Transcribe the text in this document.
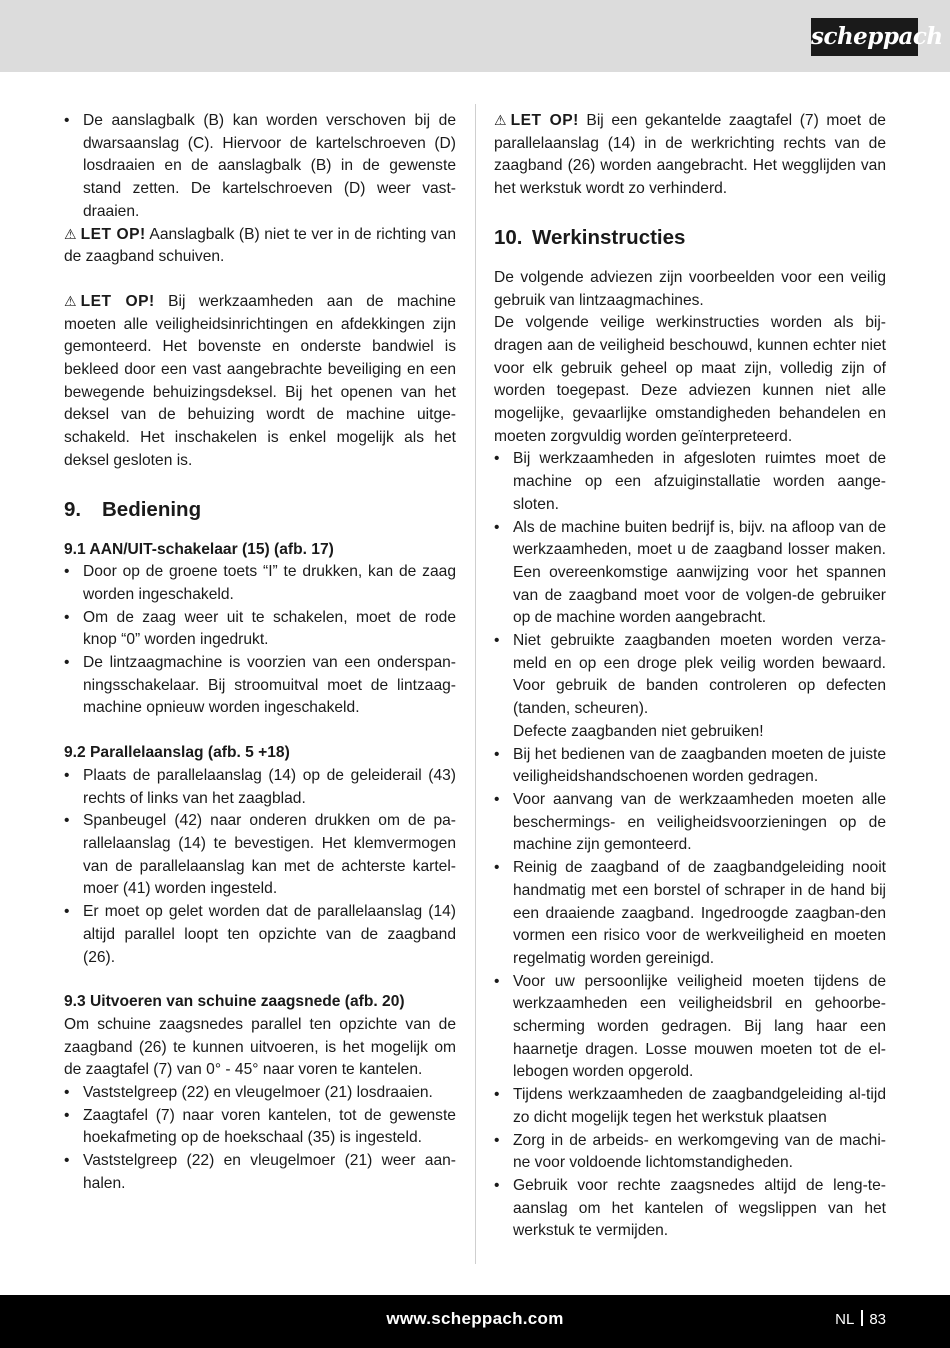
scheppach
• De aanslagbalk (B) kan worden verschoven bij de dwarsaanslag (C). Hiervoor de kartelschroeven (D) losdraaien en de aanslagbalk (B) in de gewenste stand zetten. De kartelschroeven (D) weer vast-draaien.

⚠ LET OP! Aanslagbalk (B) niet te ver in de richting van de zaagband schuiven.

⚠ LET OP! Bij werkzaamheden aan de machine moeten alle veiligheidsinrichtingen en afdekkingen zijn gemonteerd. Het bovenste en onderste bandwiel is bekleed door een vast aangebrachte beveiliging en een bewegende behuizingsdeksel. Bij het openen van het deksel van de behuizing wordt de machine uitge-schakeld. Het inschakelen is enkel mogelijk als het deksel gesloten is.

9. Bediening
9.1 AAN/UIT-schakelaar (15) (afb. 17)
• Door op de groene toets “I” te drukken, kan de zaag worden ingeschakeld.
• Om de zaag weer uit te schakelen, moet de rode knop “0” worden ingedrukt.
• De lintzaagmachine is voorzien van een onderspan-ningsschakelaar. Bij stroomuitval moet de lintzaag-machine opnieuw worden ingeschakeld.
9.2 Parallelaanslag (afb. 5 +18)
• Plaats de parallelaanslag (14) op de geleiderail (43) rechts of links van het zaagblad.
• Spanbeugel (42) naar onderen drukken om de pa-rallelaanslag (14) te bevestigen. Het klemvermogen van de parallelaanslag kan met de achterste kartel-moer (41) worden ingesteld.
• Er moet op gelet worden dat de parallelaanslag (14) altijd parallel loopt ten opzichte van de zaagband (26).
9.3 Uitvoeren van schuine zaagsnede (afb. 20)

Om schuine zaagsnedes parallel ten opzichte van de zaagband (26) te kunnen uitvoeren, is het mogelijk om de zaagtafel (7) van 0° - 45° naar voren te kantelen.

• Vaststelgreep (22) en vleugelmoer (21) losdraaien.
• Zaagtafel (7) naar voren kantelen, tot de gewenste hoekafmeting op de hoekschaal (35) is ingesteld.
• Vaststelgreep (22) en vleugelmoer (21) weer aan-halen.

⚠ LET OP! Bij een gekantelde zaagtafel (7) moet de parallelaanslag (14) in de werkrichting rechts van de zaagband (26) worden aangebracht. Het weggl﻿ijden van het werkstuk wordt zo verhinderd.

10. Werkinstructies

De volgende adviezen zijn voorbeelden voor een veilig gebruik van lintzaagmachines.

De volgende veilige werkinstructies worden als bij-dragen aan de veiligheid beschouwd, kunnen echter niet voor elk gebruik geheel op maat zijn, volledig zijn of worden toegepast. Deze adviezen kunnen niet alle mogelijke, gevaarlijke omstandigheden behandelen en moeten zorgvuldig worden geïnterpreteerd.

• Bij werkzaamheden in afgesloten ruimtes moet de machine op een afzuiginstallatie worden aange-sloten.
• Als de machine buiten bedrijf is, bijv. na afloop van de werkzaamheden, moet u de zaagband losser maken. Een overeenkomstige aanwijzing voor het spannen van de zaagband moet voor de volgen-de gebruiker op de machine worden aangebracht.
• Niet gebruikte zaagbanden moeten worden verza-meld en op een droge plek veilig worden bewaard. Voor gebruik de banden controleren op defecten (tanden, scheuren).
Defecte zaagbanden niet gebruiken!
• Bij het bedienen van de zaagbanden moeten de juiste veiligheidshandschoenen worden gedragen.
• Voor aanvang van de werkzaamheden moeten alle beschermings- en veiligheidsvoorzieningen op de machine zijn gemonteerd.
• Reinig de zaagband of de zaagbandgeleiding nooit handmatig met een borstel of schraper in de hand bij een draaiende zaagband. Ingedroogde zaagban-den vormen een risico voor de werkveiligheid en moeten regelmatig worden gereinigd.
• Voor uw persoonlijke veiligheid moeten tijdens de werkzaamheden een veiligheidsbril en gehoorbe-scherming worden gedragen. Bij lang haar een haarnetje dragen. Losse mouwen moeten tot de el-lebogen worden opgerold.
• Tijdens werkzaamheden de zaagbandgeleiding al-tijd zo dicht mogelijk tegen het werkstuk plaatsen
• Zorg in de arbeids- en werkomgeving van de machi-ne voor voldoende lichtomstandigheden.
• Gebruik voor rechte zaagsnedes altijd de leng-te-aanslag om het kantelen of wegslippen van het werkstuk te vermijden.
www.scheppach.com	NL 83
